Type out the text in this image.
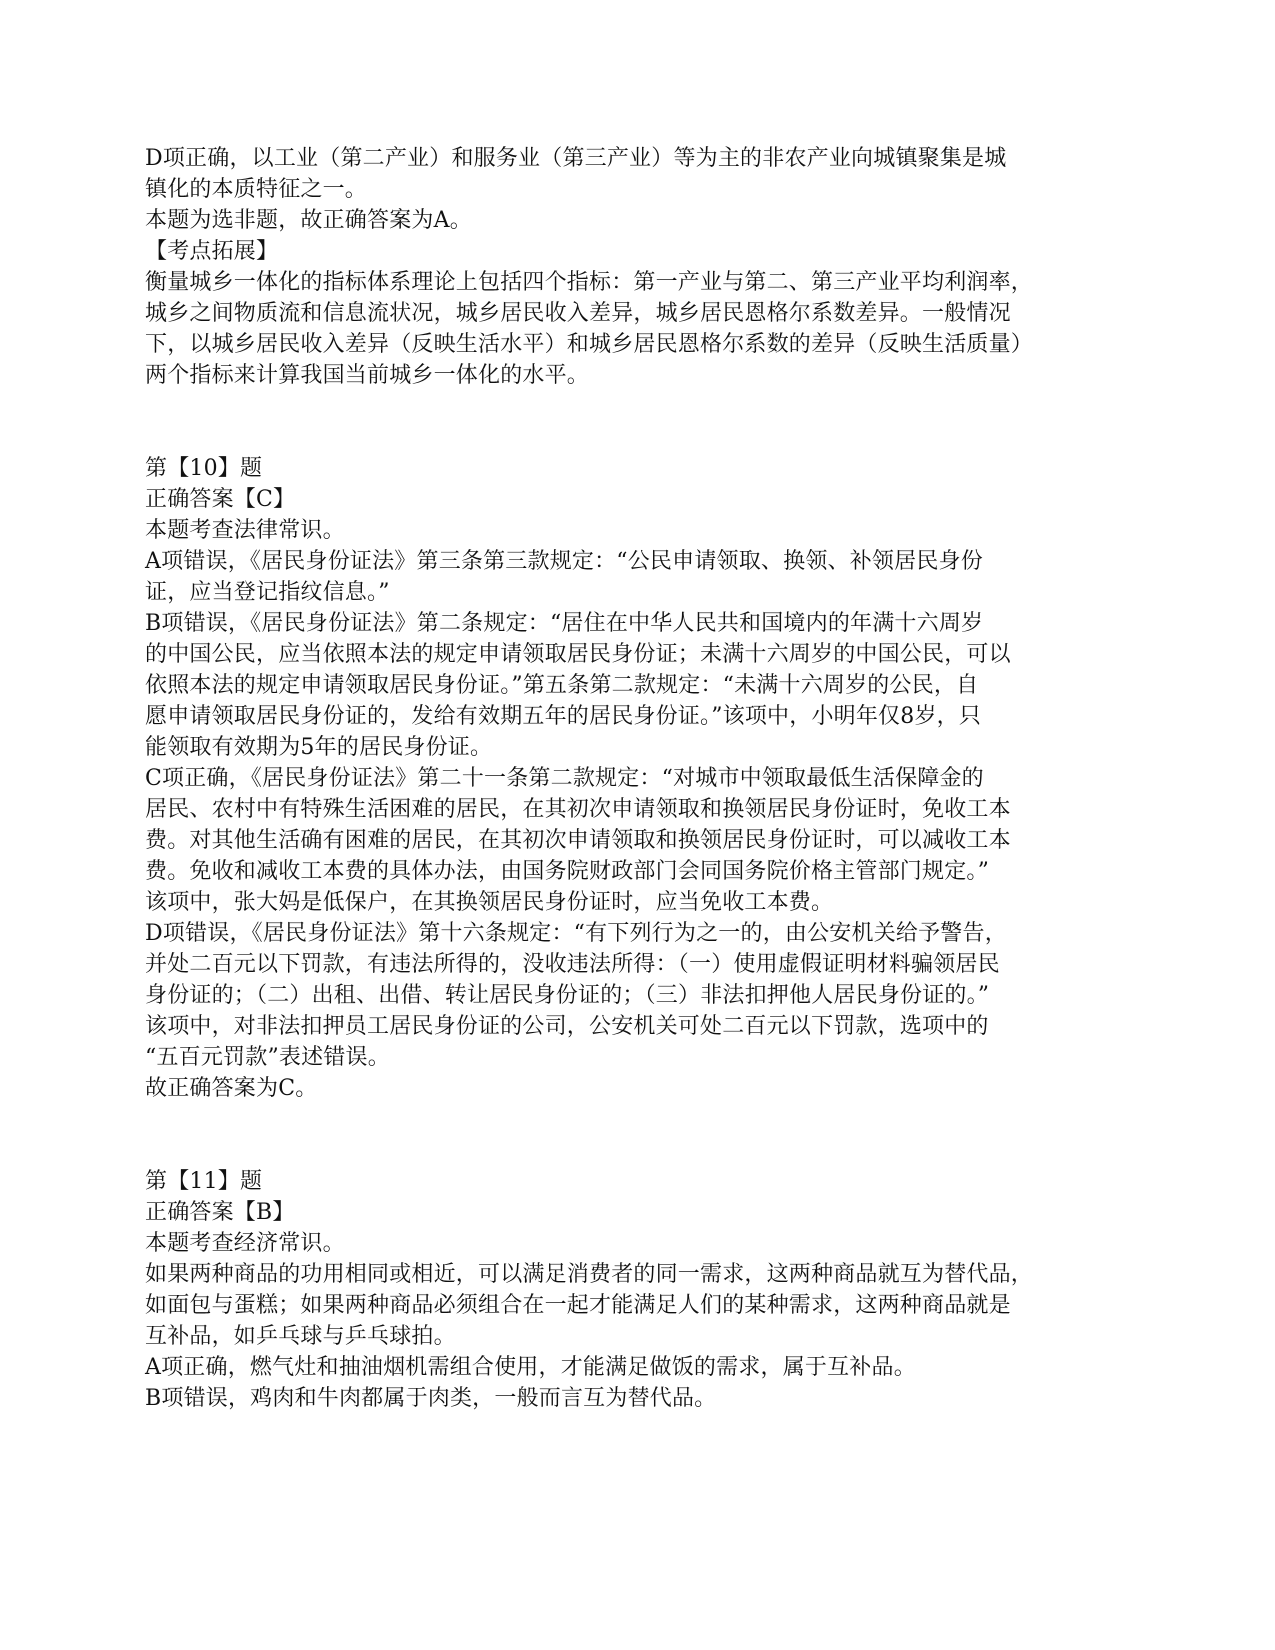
D项正确，以工业（第二产业）和服务业（第三产业）等为主的非农产业向城镇聚集是城
镇化的本质特征之一。
本题为选非题，故正确答案为A。
【考点拓展】
衡量城乡一体化的指标体系理论上包括四个指标：第一产业与第二、第三产业平均利润率，
城乡之间物质流和信息流状况，城乡居民收入差异，城乡居民恩格尔系数差异。一般情况
下，以城乡居民收入差异（反映生活水平）和城乡居民恩格尔系数的差异（反映生活质量）
两个指标来计算我国当前城乡一体化的水平。
第【10】题
正确答案【C】
本题考查法律常识。
A项错误，《居民身份证法》第三条第三款规定：“公民申请领取、换领、补领居民身份
证，应当登记指纹信息。”
B项错误，《居民身份证法》第二条规定：“居住在中华人民共和国境内的年满十六周岁
的中国公民，应当依照本法的规定申请领取居民身份证；未满十六周岁的中国公民，可以
依照本法的规定申请领取居民身份证。”第五条第二款规定：“未满十六周岁的公民，自
愿申请领取居民身份证的，发给有效期五年的居民身份证。”该项中，小明年仅8岁，只
能领取有效期为5年的居民身份证。
C项正确，《居民身份证法》第二十一条第二款规定：“对城市中领取最低生活保障金的
居民、农村中有特殊生活困难的居民，在其初次申请领取和换领居民身份证时，免收工本
费。对其他生活确有困难的居民，在其初次申请领取和换领居民身份证时，可以减收工本
费。免收和减收工本费的具体办法，由国务院财政部门会同国务院价格主管部门规定。”
该项中，张大妈是低保户，在其换领居民身份证时，应当免收工本费。
D项错误，《居民身份证法》第十六条规定：“有下列行为之一的，由公安机关给予警告，
并处二百元以下罚款，有违法所得的，没收违法所得：（一）使用虚假证明材料骗领居民
身份证的；（二）出租、出借、转让居民身份证的；（三）非法扣押他人居民身份证的。”
该项中，对非法扣押员工居民身份证的公司，公安机关可处二百元以下罚款，选项中的
“五百元罚款”表述错误。
故正确答案为C。
第【11】题
正确答案【B】
本题考查经济常识。
如果两种商品的功用相同或相近，可以满足消费者的同一需求，这两种商品就互为替代品，
如面包与蛋糕；如果两种商品必须组合在一起才能满足人们的某种需求，这两种商品就是
互补品，如乒乓球与乒乓球拍。
A项正确，燃气灶和抽油烟机需组合使用，才能满足做饭的需求，属于互补品。
B项错误，鸡肉和牛肉都属于肉类，一般而言互为替代品。
